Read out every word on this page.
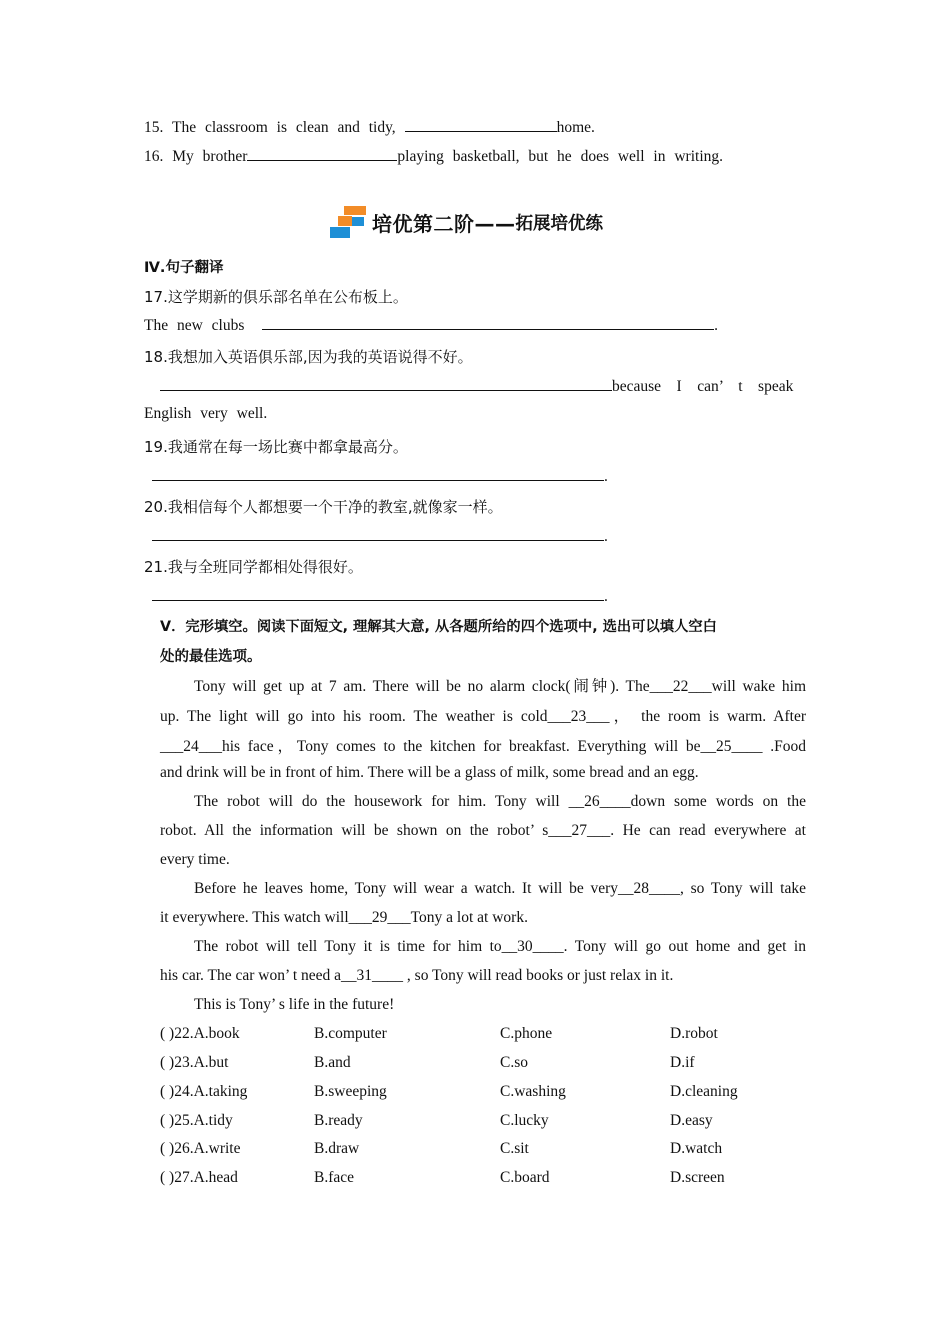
15. The classroom is clean and tidy,	home.
16. My brother	playing basketball, but he does well in writing.
培优第二阶—— 拓展培优练
Ⅳ.句子翻译
17.这学期新的俱乐部名单在公布板上。
The new clubs	.
18.我想加入英语俱乐部,因为我的英语说得不好。
because    I    can’    t    speak
English very well.
19.我通常在每一场比赛中都拿最高分。
.
20.我相信每个人都想要一个干净的教室,就像家一样。
.
21.我与全班同学都相处得很好。
.
Ⅴ．完形填空。阅读下面短文, 理解其大意, 从各题所给的四个选项中, 选出可以填人空白
处的最佳选项。
Tony will get up at 7 am. There will be no alarm clock(闹钟). The___22___will wake him
up. The light will go into his room. The weather is cold___23___， the room is warm. After
___24___his face，Tony comes to the kitchen for breakfast. Everything will be__25____ .Food
and drink will be in front of him. There will be a glass of milk, some bread and an egg.
The robot will do the housework for him. Tony will __26____down some words on the
robot. All the information will be shown on the robot’ s___27___. He can read everywhere at
every time.
Before he leaves home, Tony will wear a watch. It will be very__28____, so Tony will take
it everywhere. This watch will___29___Tony a lot at work.
The robot will tell Tony it is time for him to__30____. Tony will go out home and get in
his car. The car won’ t need a__31____ , so Tony will read books or just relax in it.
This is Tony’ s life in the future!
( )22.A.book	B.computer	C.phone	D.robot
( )23.A.but	B.and	C.so	D.if
( )24.A.taking	B.sweeping	C.washing	D.cleaning
( )25.A.tidy	B.ready	C.lucky	D.easy
( )26.A.write	B.draw	C.sit	D.watch
( )27.A.head	B.face	C.board	D.screen
